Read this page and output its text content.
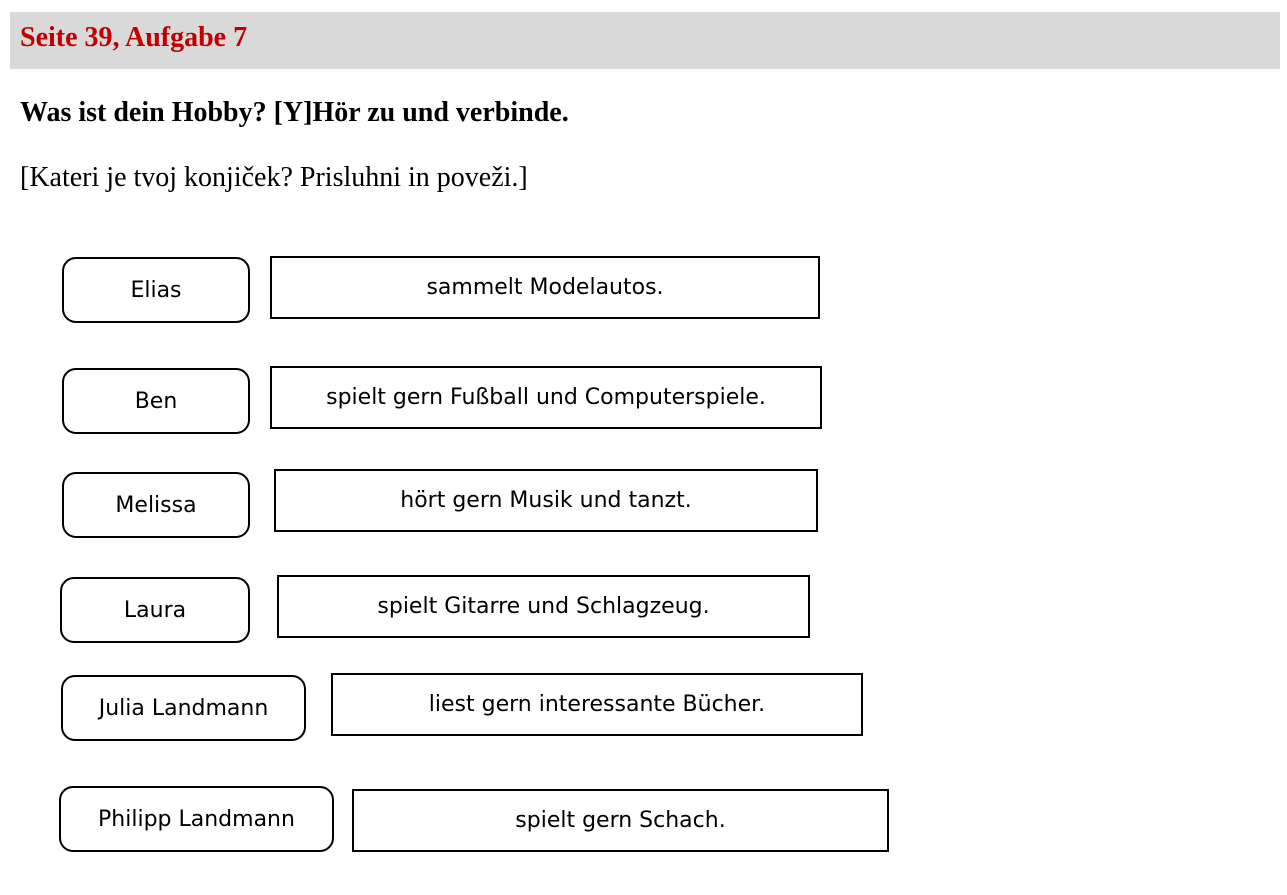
Seite 39, Aufgabe 7
Was ist dein Hobby? [Y]Hör zu und verbinde.
[Kateri je tvoj konjiček? Prisluhni in poveži.]
Elias
Ben
Melissa
Laura
Julia Landmann
Philipp Landmann
sammelt Modelautos.
spielt gern Fußball und Computerspiele.
hört gern Musik und tanzt.
spielt Gitarre und Schlagzeug.
liest gern interessante Bücher.
spielt gern Schach.
